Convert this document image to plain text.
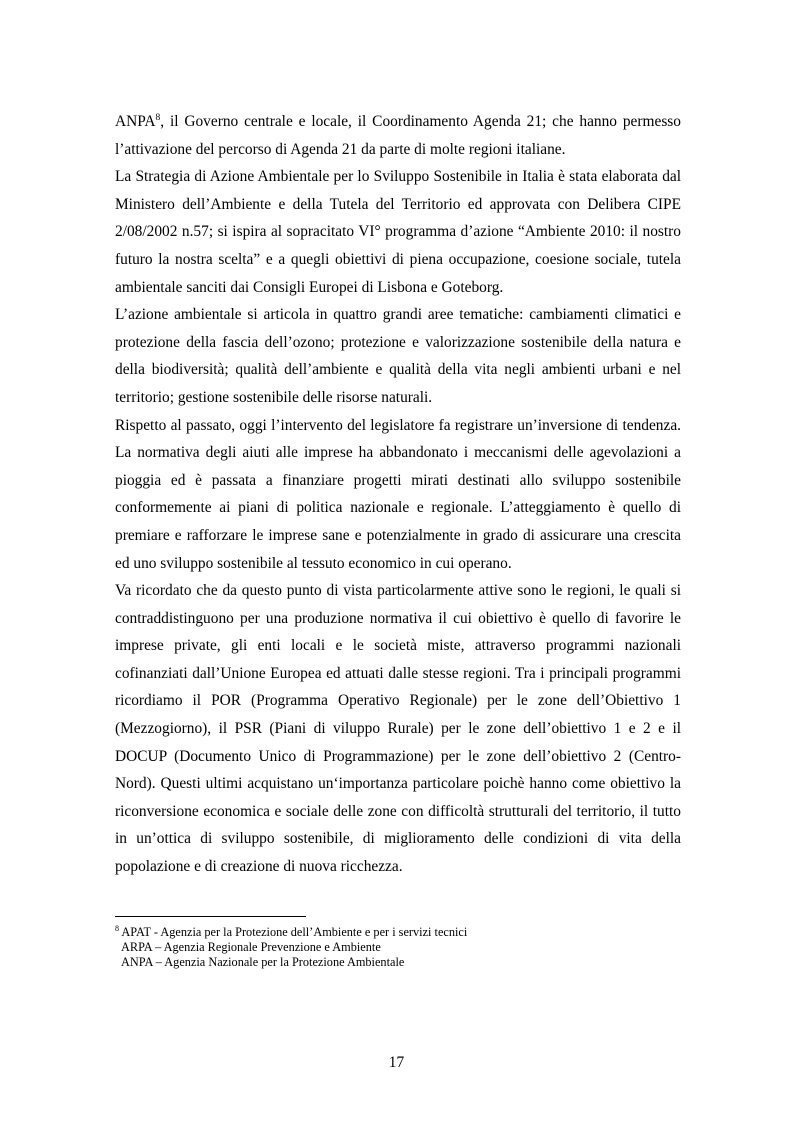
ANPA$^8$, il Governo centrale e locale, il Coordinamento Agenda 21; che hanno permesso l’attivazione del percorso di Agenda 21 da parte di molte regioni italiane.

La Strategia di Azione Ambientale per lo Sviluppo Sostenibile in Italia è stata elaborata dal Ministero dell’Ambiente e della Tutela del Territorio ed approvata con Delibera CIPE 2/08/2002 n.57; si ispira al sopracitato VI° programma d’azione “Ambiente 2010: il nostro futuro la nostra scelta” e a quegli obiettivi di piena occupazione, coesione sociale, tutela ambientale sanciti dai Consigli Europei di Lisbona e Goteborg.

L’azione ambientale si articola in quattro grandi aree tematiche: cambiamenti climatici e protezione della fascia dell’ozono; protezione e valorizzazione sostenibile della natura e della biodiversità; qualità dell’ambiente e qualità della vita negli ambienti urbani e nel territorio; gestione sostenibile delle risorse naturali.

Rispetto al passato, oggi l’intervento del legislatore fa registrare un’inversione di tendenza. La normativa degli aiuti alle imprese ha abbandonato i meccanismi delle agevolazioni a pioggia ed è passata a finanziare progetti mirati destinati allo sviluppo sostenibile conformemente ai piani di politica nazionale e regionale. L’atteggiamento è quello di premiare e rafforzare le imprese sane e potenzialmente in grado di assicurare una crescita ed uno sviluppo sostenibile al tessuto economico in cui operano.

Va ricordato che da questo punto di vista particolarmente attive sono le regioni, le quali si contraddistinguono per una produzione normativa il cui obiettivo è quello di favorire le imprese private, gli enti locali e le società miste, attraverso programmi nazionali cofinanziati dall’Unione Europea ed attuati dalle stesse regioni. Tra i principali programmi ricordiamo il POR (Programma Operativo Regionale) per le zone dell’Obiettivo 1 (Mezzogiorno), il PSR (Piani di viluppo Rurale) per le zone dell’obiettivo 1 e 2 e il DOCUP (Documento Unico di Programmazione) per le zone dell’obiettivo 2 (Centro-Nord). Questi ultimi acquistano un‘importanza particolare poichè hanno come obiettivo la riconversione economica e sociale delle zone con difficoltà strutturali del territorio, il tutto in un’ottica di sviluppo sostenibile, di miglioramento delle condizioni di vita della popolazione e di creazione di nuova ricchezza.

$^8$ APAT - Agenzia per la Protezione dell’Ambiente e per i servizi tecnici
ARPA – Agenzia Regionale Prevenzione e Ambiente
ANPA – Agenzia Nazionale per la Protezione Ambientale
17
